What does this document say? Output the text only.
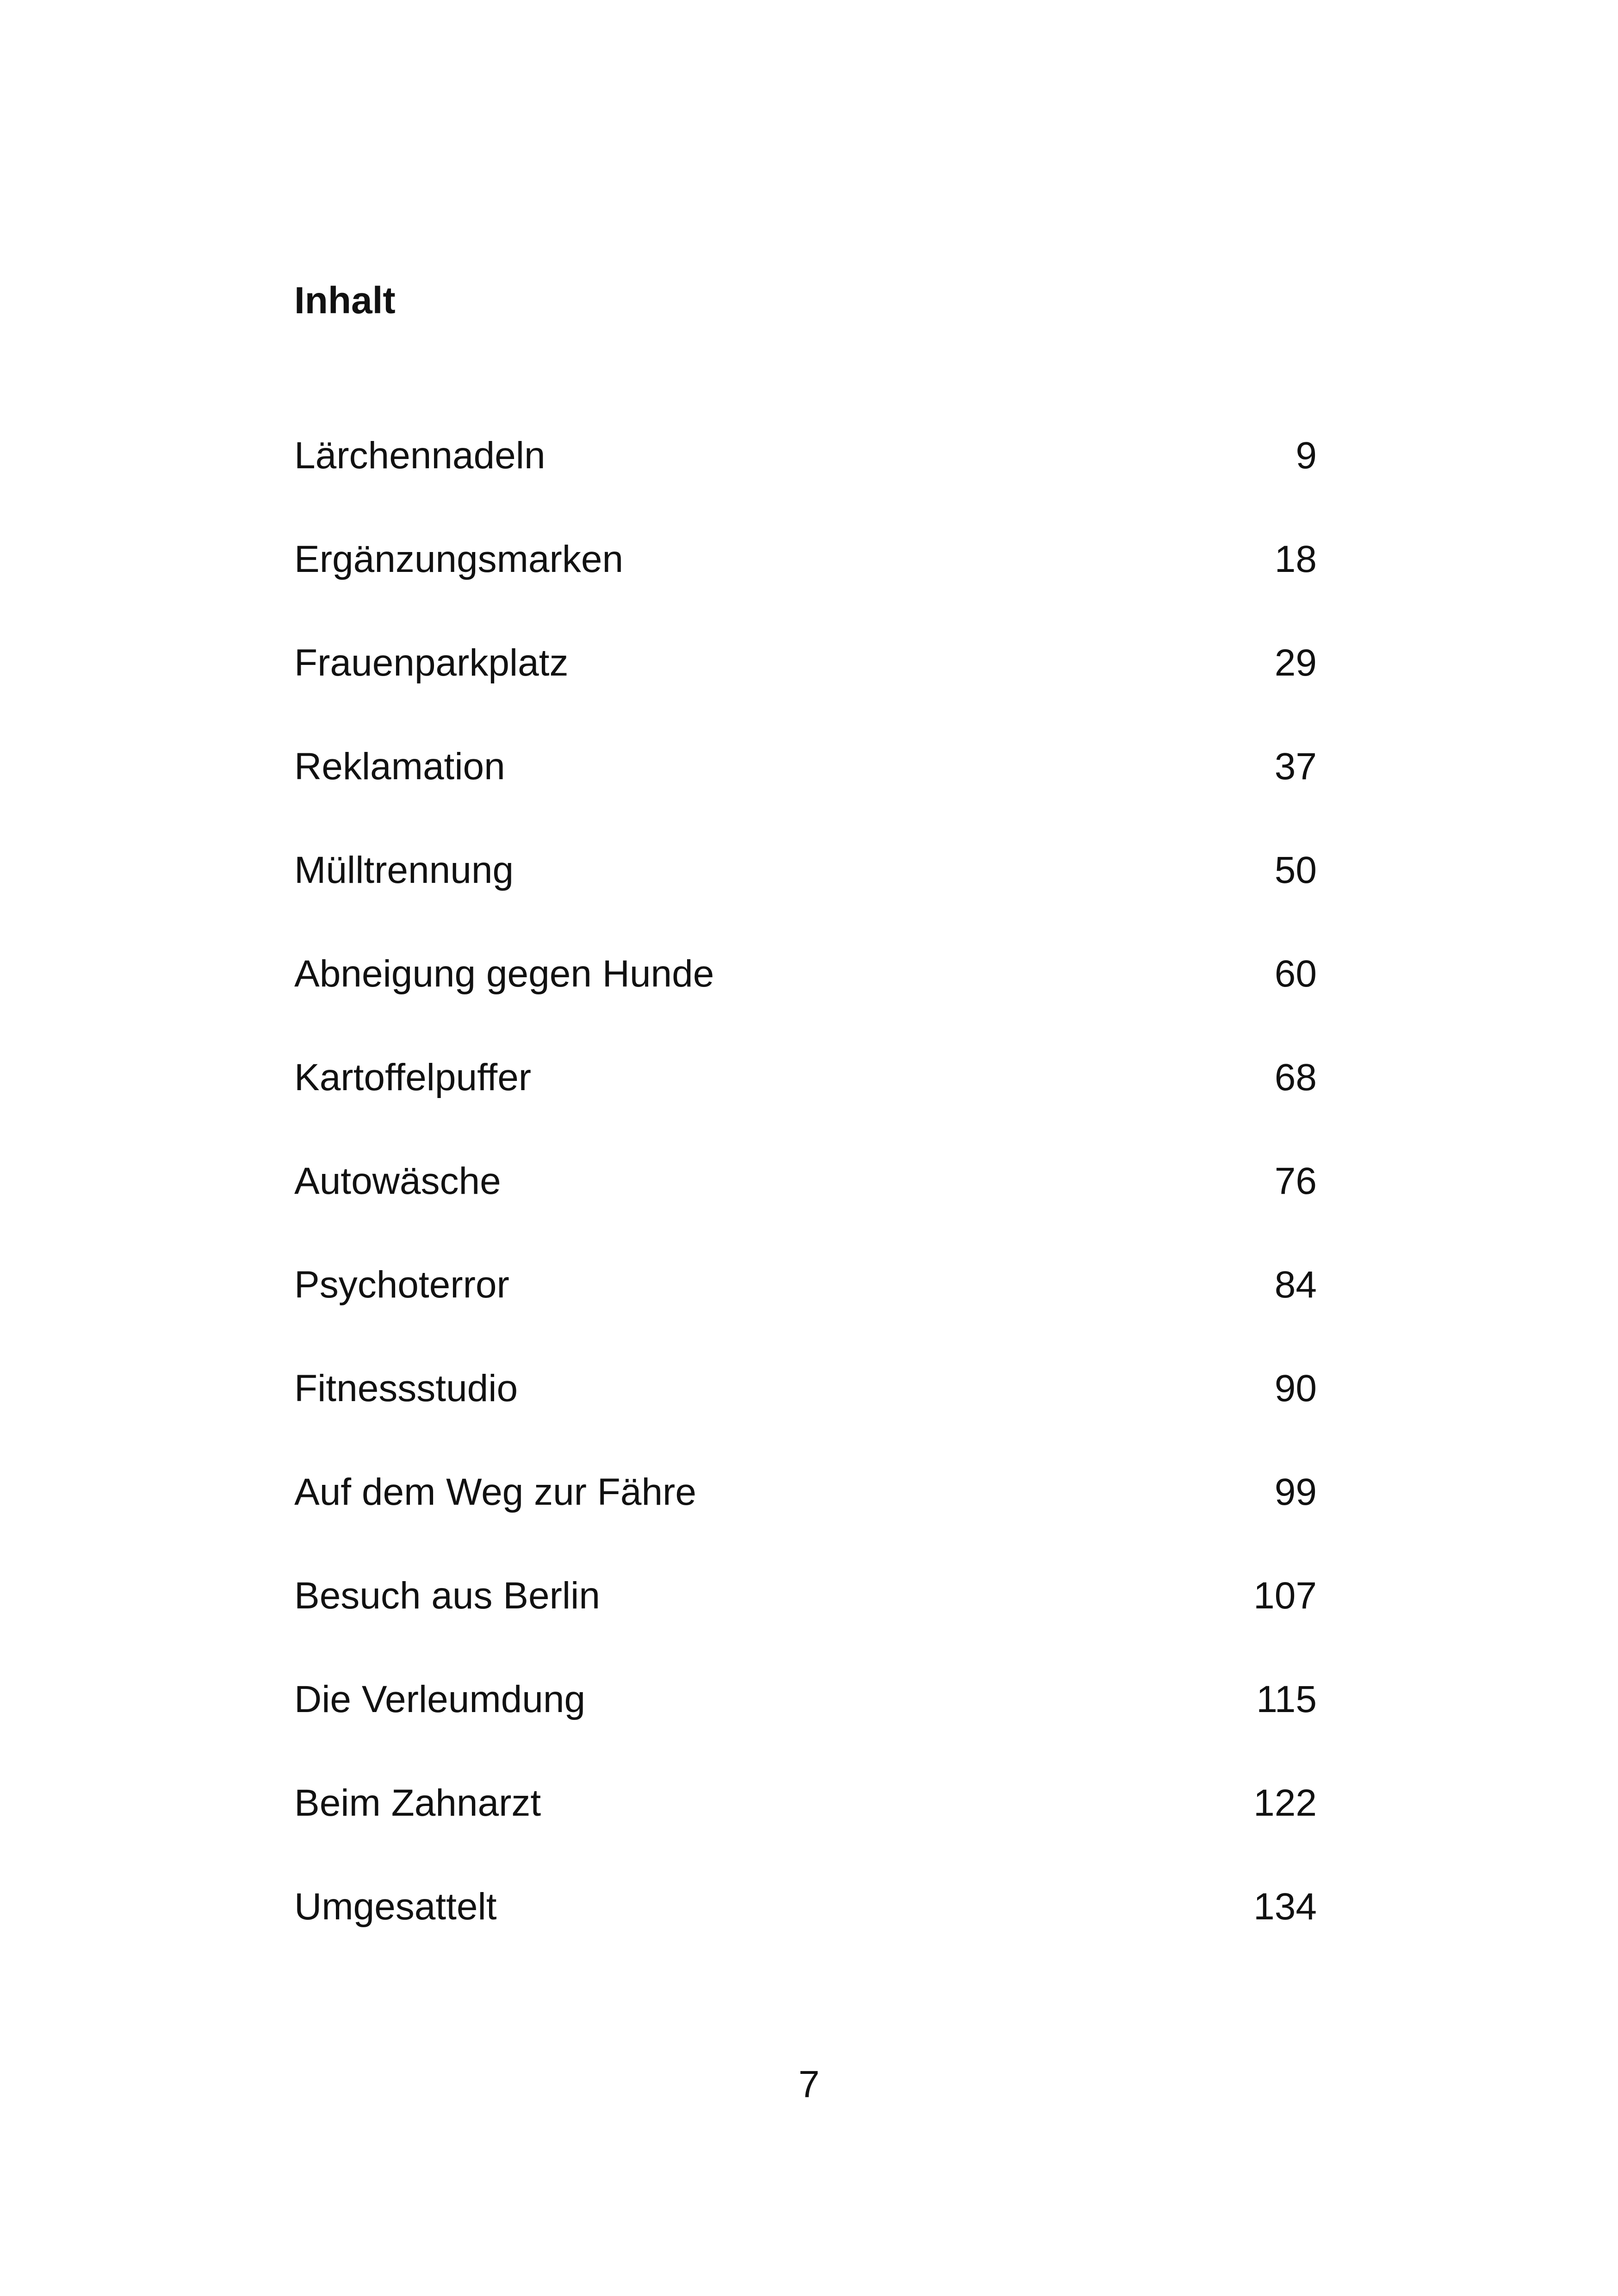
Inhalt
Lärchennadeln	9
Ergänzungsmarken	18
Frauenparkplatz	29
Reklamation	37
Mülltrennung	50
Abneigung gegen Hunde	60
Kartoffelpuffer	68
Autowäsche	76
Psychoterror	84
Fitnessstudio	90
Auf dem Weg zur Fähre	99
Besuch aus Berlin	107
Die Verleumdung	115
Beim Zahnarzt	122
Umgesattelt	134

7
